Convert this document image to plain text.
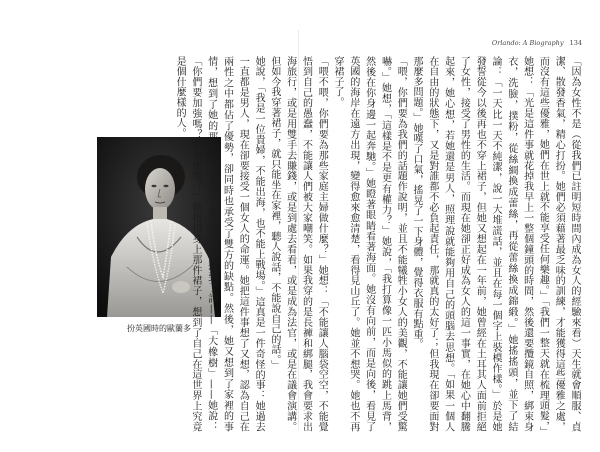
扮英國時的歐蘭多
Orlando: A Biography 134

「因為女性不是（從我們已註明短時間內成為女人的經驗來看）天生就會順服、貞潔、散發香氣，精心打扮。她們必須藉著最乏味的訓練，才能獲得這些優雅之處，而沒有這些優雅，她們在世上就不能享受任何樂趣。」「我們一整天就在梳理頭髮，」她想：「光是這件事就花掉我早上一整個鐘頭的時間，然後還要攬鏡自照，綁束身衣，洗臉，撲粉，從絲綢換成蕾絲，再從蕾絲換成錦緞。」她搖搖頭，並下了結論：「一天比一天不純潔，說一大堆謊話，並且在每一個字上裝模作樣。」於是她發誓從今以後再也不穿上裙子，但她又想起在一年前，她曾經在土耳其人面前拒絕了女性，接受了男性的生活。而現在她卻正好成為女人的這一事實，在她心中翻騰起來，她心想，若她還是男人，照理說就能夠用自己的頭腦去思想。「如果一個人在自由的狀態下，又是對誰都不必負起責任，那就真的太好了；但我現在卻要面對那麼多問題。」她嘆了口氣，搖晃了一下身體，覺得衣服有點重。

「喂，你們要為我們的話題作說明，並且不能犧牲小女人的美觀，不能讓她們受驚嚇。」她想，「這樣是不是更有權力？」她說，「我打算像一匹小馬似的跳上馬背，然後在你身邊一起奔馳。」她瞪著眼睛看著海面。她沒有向前，而是向後，看見了英國的海岸在遠方出現，變得愈來愈清楚，看得見山丘了。她並不想哭。她也不再穿裙子了。

「喂不喂，你們要為那些家庭主婦做什麼？」她想：「不能讓人腦袋空空，不能覺悟到自己的愚蠢，不能讓人們被大家嘲笑。如果我穿的是長褲和綁腿，我會要求出海旅行，或是用雙手去賺錢，或是到處去看看，或是成為法官，或是在議會演講。但如今我穿著裙子，就只能坐在家裡，聽人說話，不能說自己的話。」

她說，「我是一位貴婦，不能出海，也不能上戰場。」這真是一件奇怪的事：她過去一直都是男人，現在卻要接受一個女人的命運。她把這件事想了又想，認為自己在兩性之中都佔了優勢，卻同時也承受了雙方的缺點。然後，她又想到了家裡的事情，想到了她的那些狗，想到了她的房子，想到了詩——「大橡樹」——她說：「你們要加強嗎？要加節嗎？」她指指身上那件裙子，想到了自己在這世界上究竟是個什麼樣的人。
